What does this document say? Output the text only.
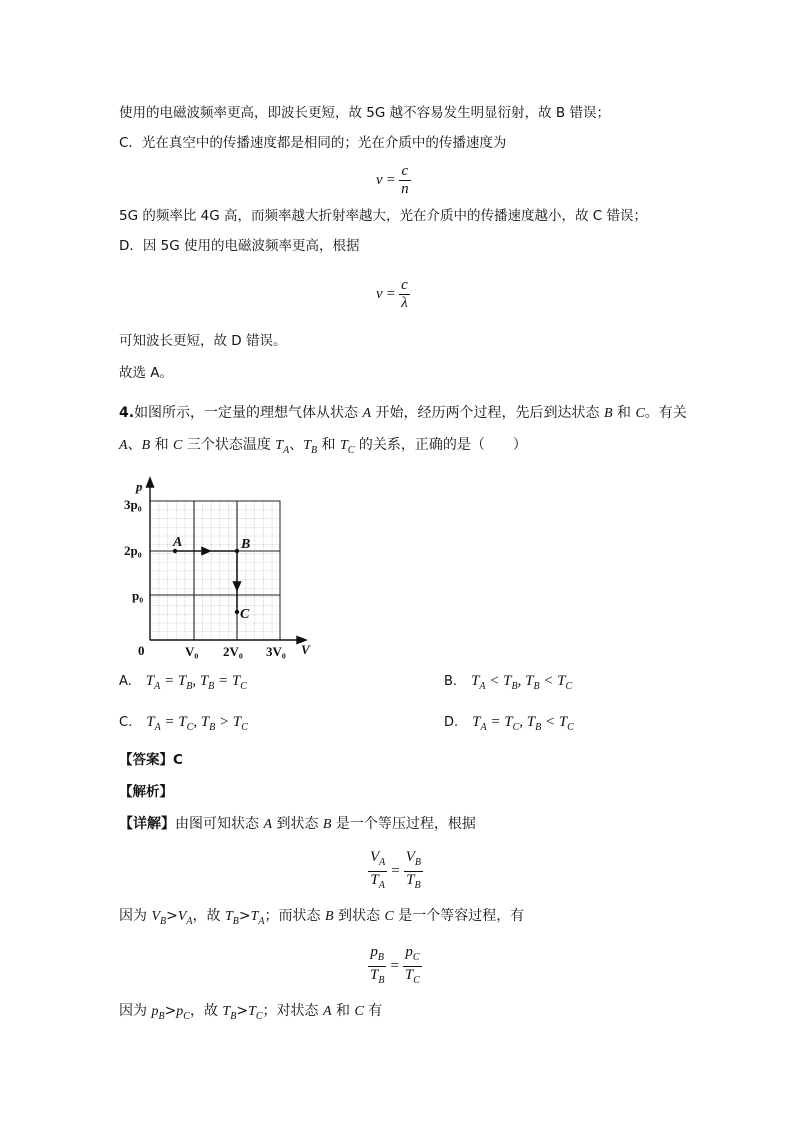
使用的电磁波频率更高，即波长更短，故 5G 越不容易发生明显衍射，故 B 错误；
C．光在真空中的传播速度都是相同的；光在介质中的传播速度为
$v = \frac{c}{n}$
5G 的频率比 4G 高，而频率越大折射率越大，光在介质中的传播速度越小，故 C 错误；
D．因 5G 使用的电磁波频率更高，根据
$\nu = \frac{c}{\lambda}$
可知波长更短，故 D 错误。
故选 A。
4.如图所示，一定量的理想气体从状态 A 开始，经历两个过程，先后到达状态 B 和 C。有关
A、B 和 C 三个状态温度 $T_A$、$T_B$ 和 $T_C$ 的关系，正确的是（　　）
A	B
C
p
V
0
3p₀
2p₀
p₀
V₀ 2V₀ 3V₀
A. $T_A = T_B$, $T_B = T_C$	B. $T_A < T_B$, $T_B < T_C$
C. $T_A = T_C$, $T_B > T_C$	D. $T_A = T_C$, $T_B < T_C$
【答案】C
【解析】
【详解】由图可知状态 A 到状态 B 是一个等压过程，根据
$\frac{V_A}{T_A} = \frac{V_B}{T_B}$
因为 $V_B>V_A$，故 $T_B>T_A$；而状态 B 到状态 C 是一个等容过程，有
$\frac{p_B}{T_B} = \frac{p_C}{T_C}$
因为 $p_B>p_C$，故 $T_B>T_C$；对状态 A 和 C 有
